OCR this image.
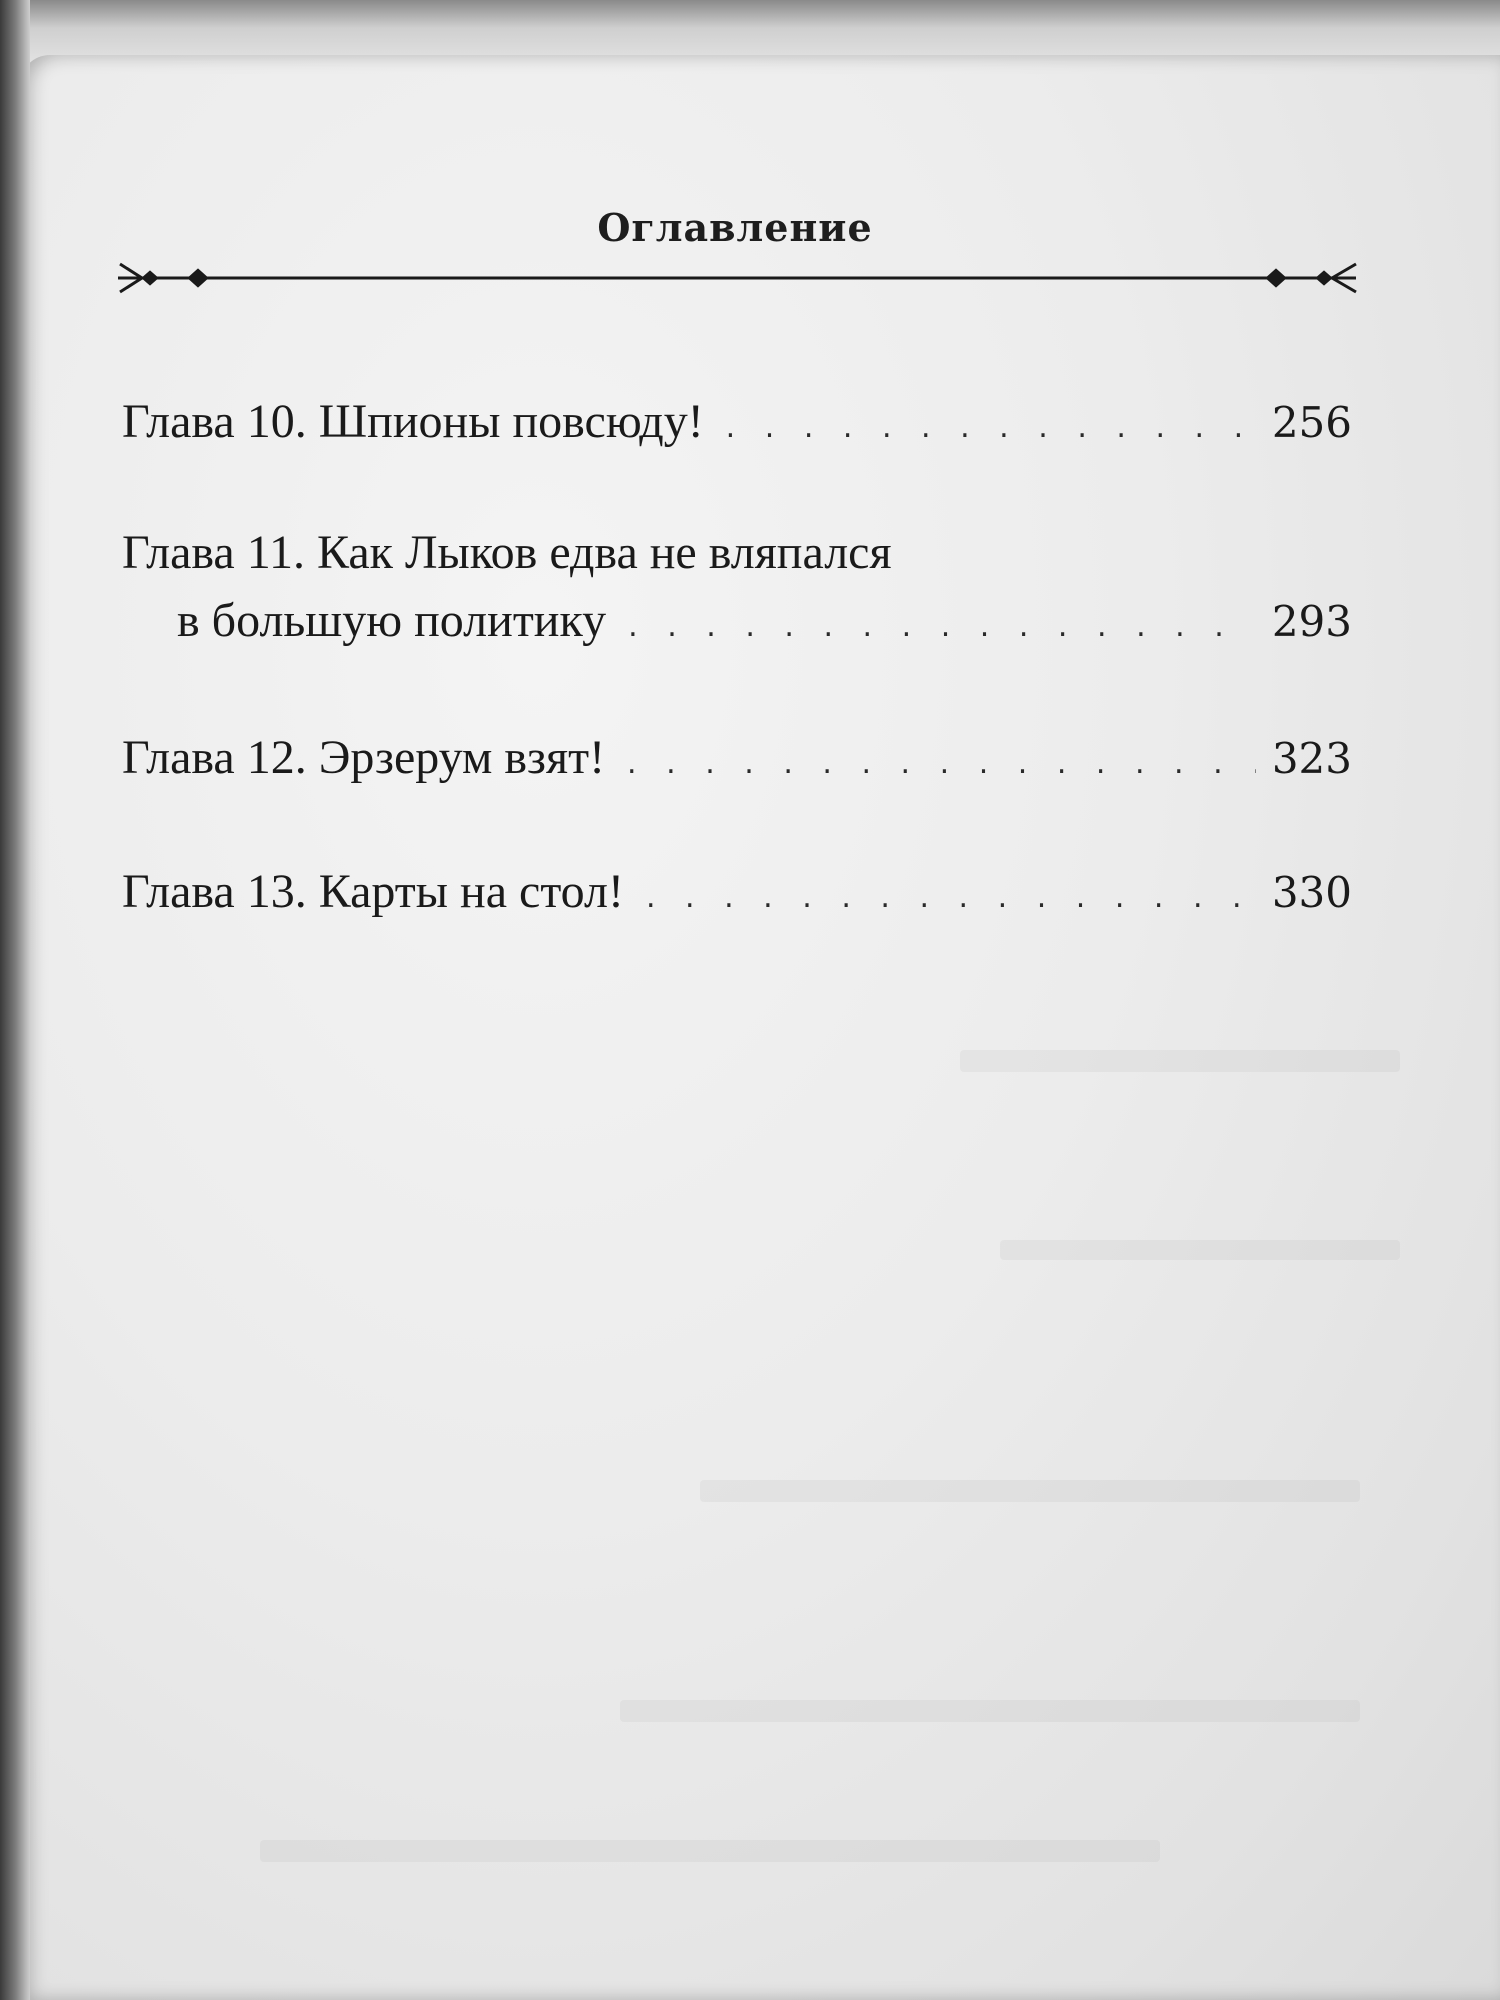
Оглавление
Глава 10. Шпионы повсюду! . . .	256
Глава 11. Как Лыков едва не вляпался
в большую политику . . .	293
Глава 12. Эрзерум взят! . . .	323
Глава 13. Карты на стол! . . .	330
